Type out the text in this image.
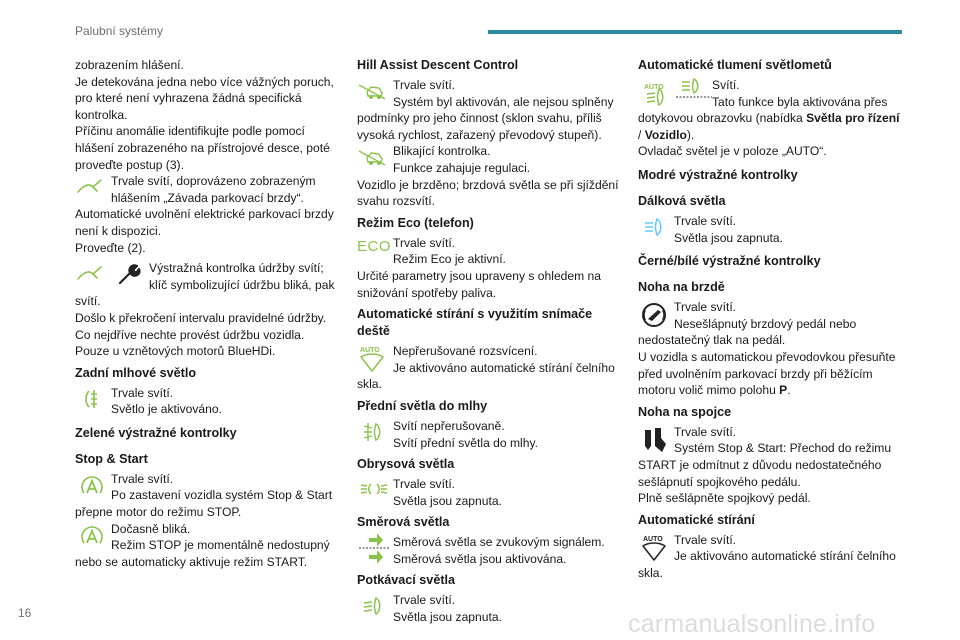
Palubní systémy

zobrazením hlášení.

Je detekována jedna nebo více vážných poruch, pro které není vyhrazena žádná specifická kontrolka.

Příčinu anomálie identifikujte podle pomocí hlášení zobrazeného na přístrojové desce, poté proveďte postup (3).

Trvale svítí, doprovázeno zobrazeným

hlášením „Závada parkovací brzdy“.

Automatické uvolnění elektrické parkovací brzdy není k dispozici.

Proveďte (2).

Výstražná kontrolka údržby svítí;

klíč symbolizující údržbu bliká, pak

svítí.

Došlo k překročení intervalu pravidelné údržby.

Co nejdříve nechte provést údržbu vozidla.

Pouze u vznětových motorů BlueHDi.

Zadní mlhové světlo

Trvale svítí.

Světlo je aktivováno.

Zelené výstražné kontrolky
Stop & Start

Trvale svítí.

Po zastavení vozidla systém Stop & Start

přepne motor do režimu STOP.

Dočasně bliká.

Režim STOP je momentálně nedostupný

nebo se automaticky aktivuje režim START.

Hill Assist Descent Control

Trvale svítí.

Systém byl aktivován, ale nejsou splněny

podmínky pro jeho činnost (sklon svahu, příliš vysoká rychlost, zařazený převodový stupeň).

Blikající kontrolka.

Funkce zahajuje regulaci.

Vozidlo je brzděno; brzdová světla se při sjíždění svahu rozsvítí.

Režim Eco (telefon)
ECO Trvale svítí.

Režim Eco je aktivní.

Určité parametry jsou upraveny s ohledem na snižování spotřeby paliva.

Automatické stírání s využitím snímače deště
AUTO	Nepřerušované rozsvícení.

Je aktivováno automatické stírání čelního

skla.

Přední světla do mlhy

Svítí nepřerušovaně.

Svítí přední světla do mlhy.

Obrysová světla

Trvale svítí.

Světla jsou zapnuta.

Směrová světla

Směrová světla se zvukovým signálem.

Směrová světla jsou aktivována.

Potkávací světla

Trvale svítí.

Světla jsou zapnuta.

Automatické tlumení světlometů
AUTO	Svítí.

Tato funkce byla aktivována přes

dotykovou obrazovku (nabídka Světla pro řízení / Vozidlo).

Ovladač světel je v poloze „AUTO“.

Modré výstražné kontrolky
Dálková světla

Trvale svítí.

Světla jsou zapnuta.

Černé/bílé výstražné kontrolky
Noha na brzdě

Trvale svítí.

Nesešlápnutý brzdový pedál nebo

nedostatečný tlak na pedál.

U vozidla s automatickou převodovkou přesuňte před uvolněním parkovací brzdy při běžícím motoru volič mimo polohu P.

Noha na spojce

Trvale svítí.

Systém Stop & Start: Přechod do režimu

START je odmítnut z důvodu nedostatečného sešlápnutí spojkového pedálu.

Plně sešlápněte spojkový pedál.

Automatické stírání
AUTO Trvale svítí.

Je aktivováno automatické stírání čelního

skla.

16	carmanualsonline.info
